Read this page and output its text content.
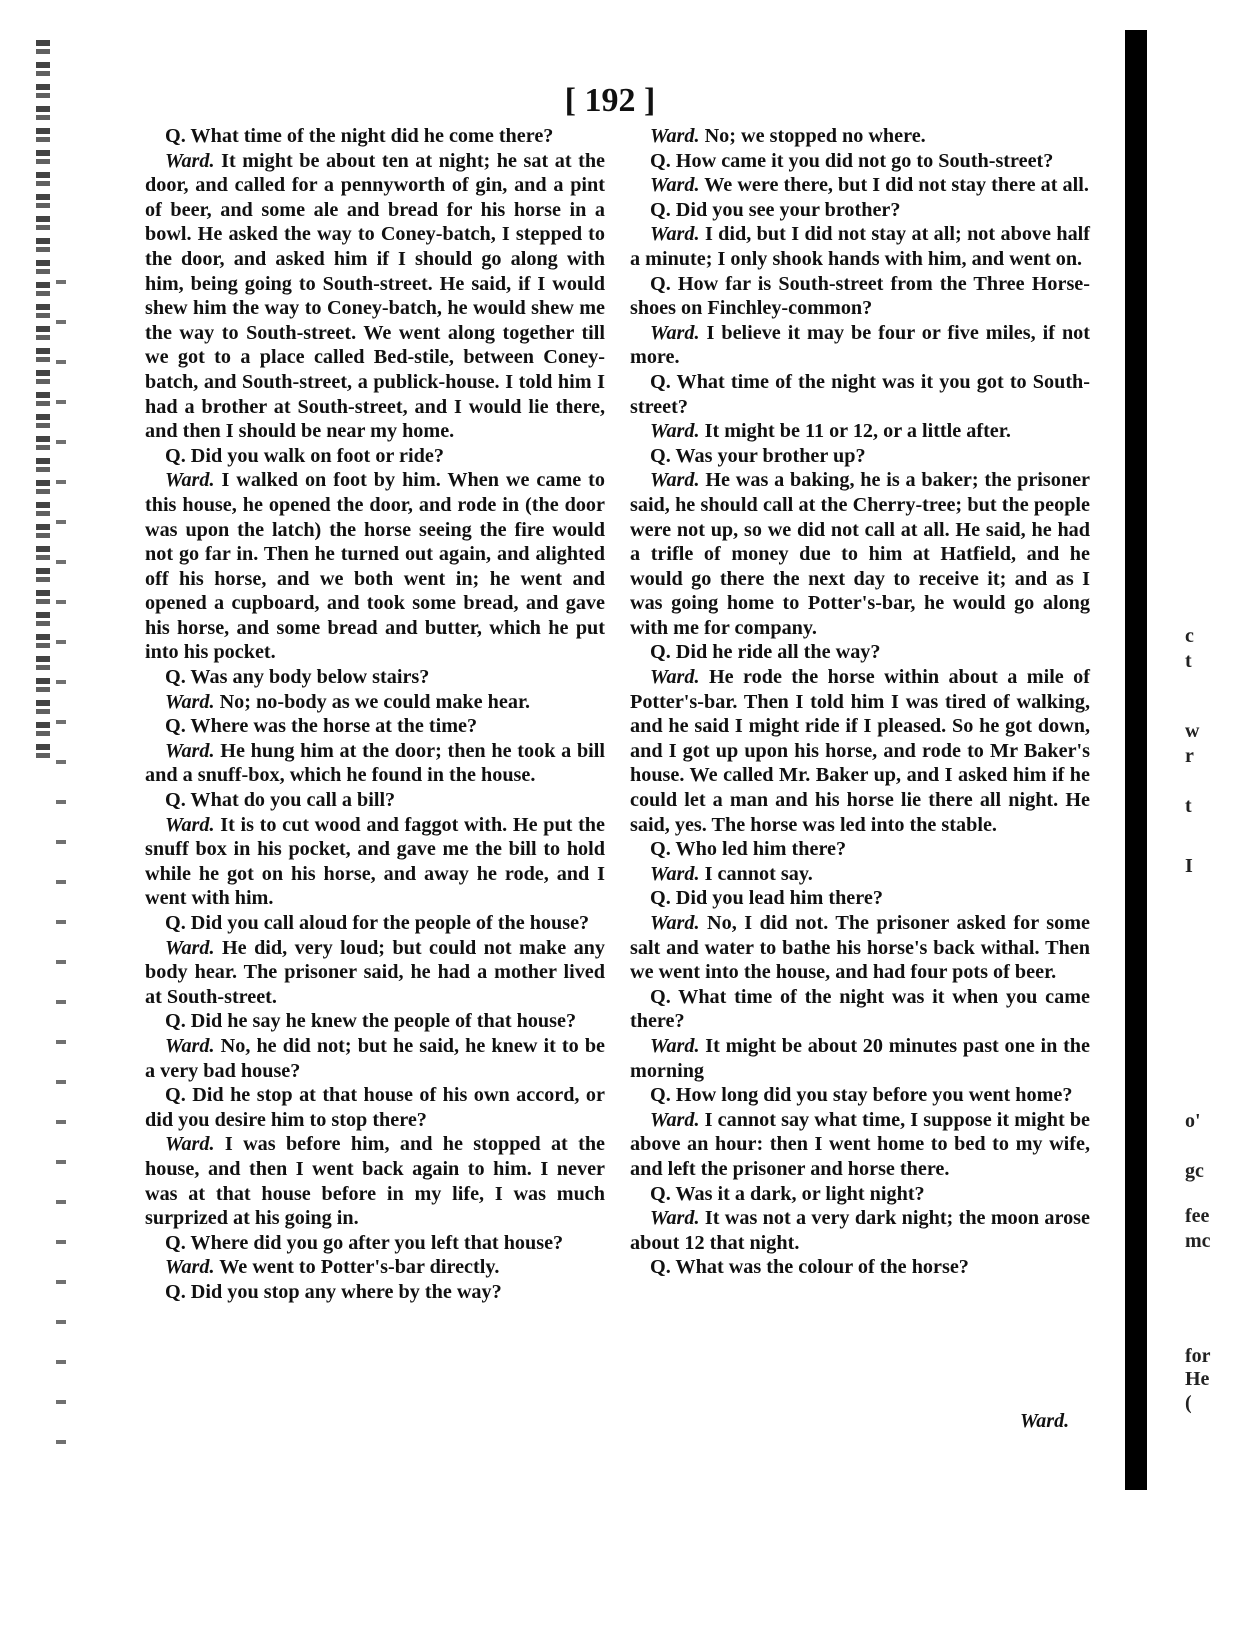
[ 192 ]

Q. What time of the night did he come there?

Ward. It might be about ten at night; he sat at the door, and called for a pennyworth of gin, and a pint of beer, and some ale and bread for his horse in a bowl. He asked the way to Coney-batch, I stepped to the door, and asked him if I should go along with him, being going to South-street. He said, if I would shew him the way to Coney-batch, he would shew me the way to South-street. We went along together till we got to a place called Bed-stile, between Coney-batch, and South-street, a publick-house. I told him I had a brother at South-street, and I would lie there, and then I should be near my home.

Q. Did you walk on foot or ride?

Ward. I walked on foot by him. When we came to this house, he opened the door, and rode in (the door was upon the latch) the horse seeing the fire would not go far in. Then he turned out again, and alighted off his horse, and we both went in; he went and opened a cupboard, and took some bread, and gave his horse, and some bread and butter, which he put into his pocket.

Q. Was any body below stairs?

Ward. No; no-body as we could make hear.

Q. Where was the horse at the time?

Ward. He hung him at the door; then he took a bill and a snuff-box, which he found in the house.

Q. What do you call a bill?

Ward. It is to cut wood and faggot with. He put the snuff box in his pocket, and gave me the bill to hold while he got on his horse, and away he rode, and I went with him.

Q. Did you call aloud for the people of the house?

Ward. He did, very loud; but could not make any body hear. The prisoner said, he had a mother lived at South-street.

Q. Did he say he knew the people of that house?

Ward. No, he did not; but he said, he knew it to be a very bad house?

Q. Did he stop at that house of his own accord, or did you desire him to stop there?

Ward. I was before him, and he stopped at the house, and then I went back again to him. I never was at that house before in my life, I was much surprized at his going in.

Q. Where did you go after you left that house?

Ward. We went to Potter's-bar directly.

Q. Did you stop any where by the way?

Ward. No; we stopped no where.

Q. How came it you did not go to South-street?

Ward. We were there, but I did not stay there at all.

Q. Did you see your brother?

Ward. I did, but I did not stay at all; not above half a minute; I only shook hands with him, and went on.

Q. How far is South-street from the Three Horse-shoes on Finchley-common?

Ward. I believe it may be four or five miles, if not more.

Q. What time of the night was it you got to South-street?

Ward. It might be 11 or 12, or a little after.

Q. Was your brother up?

Ward. He was a baking, he is a baker; the prisoner said, he should call at the Cherry-tree; but the people were not up, so we did not call at all. He said, he had a trifle of money due to him at Hatfield, and he would go there the next day to receive it; and as I was going home to Potter's-bar, he would go along with me for company.

Q. Did he ride all the way?

Ward. He rode the horse within about a mile of Potter's-bar. Then I told him I was tired of walking, and he said I might ride if I pleased. So he got down, and I got up upon his horse, and rode to Mr Baker's house. We called Mr. Baker up, and I asked him if he could let a man and his horse lie there all night. He said, yes. The horse was led into the stable.

Q. Who led him there?

Ward. I cannot say.

Q. Did you lead him there?

Ward. No, I did not. The prisoner asked for some salt and water to bathe his horse's back withal. Then we went into the house, and had four pots of beer.

Q. What time of the night was it when you came there?

Ward. It might be about 20 minutes past one in the morning

Q. How long did you stay before you went home?

Ward. I cannot say what time, I suppose it might be above an hour: then I went home to bed to my wife, and left the prisoner and horse there.

Q. Was it a dark, or light night?

Ward. It was not a very dark night; the moon arose about 12 that night.

Q. What was the colour of the horse?

Ward.
c
t
w
r
t
I
o'
gc
fee
mc
for
He
(
